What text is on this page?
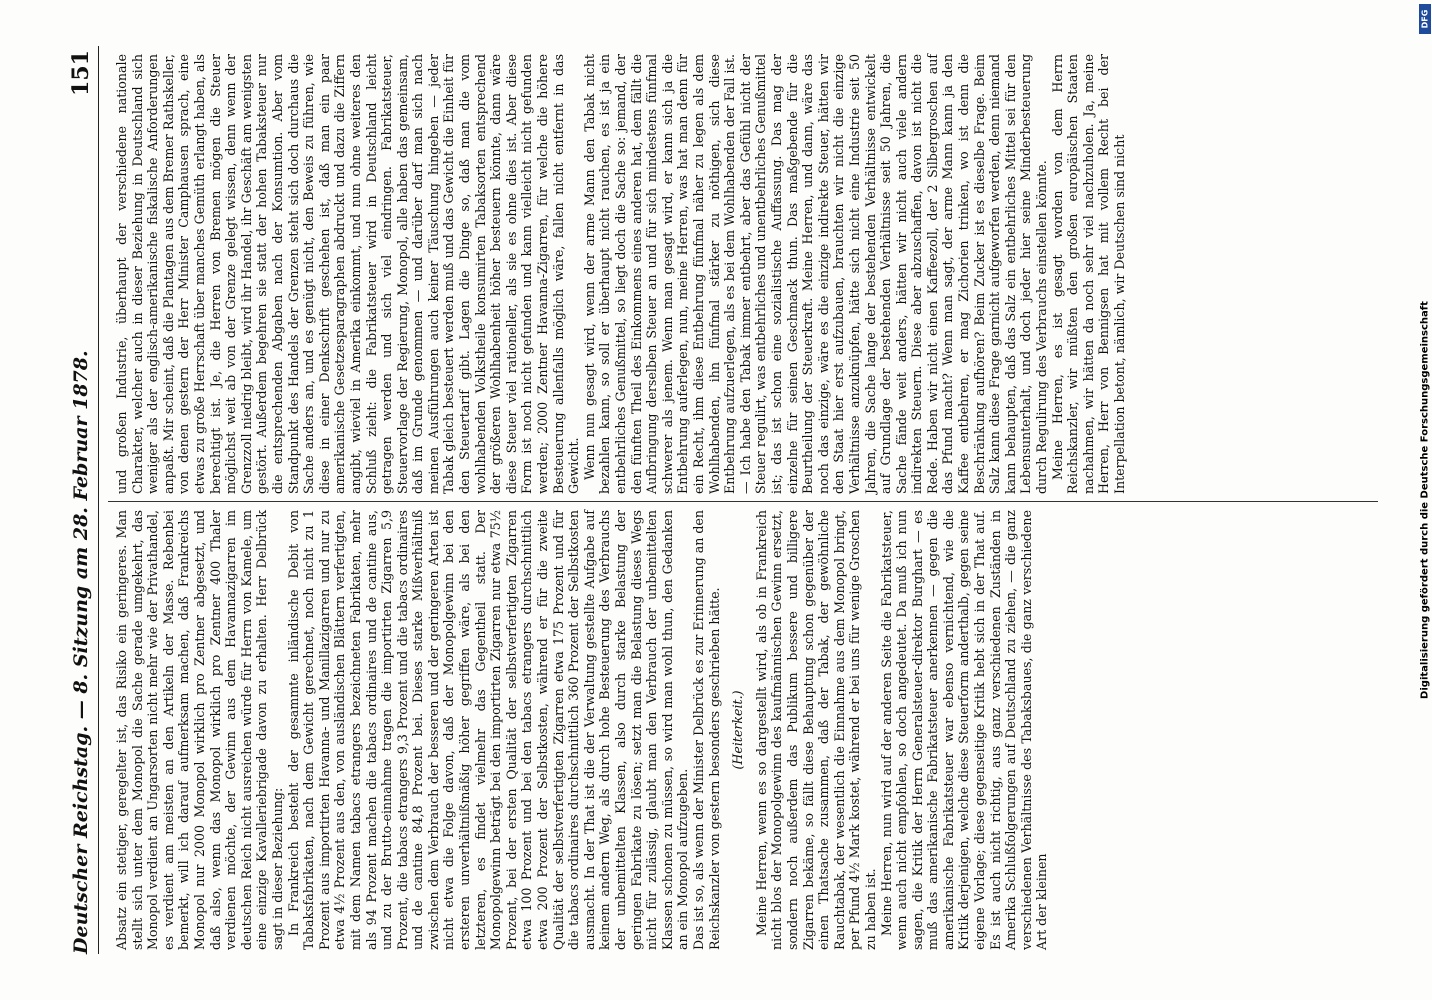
Deutscher Reichstag. — 8. Sitzung am 28. Februar 1878.
151

Absatz ein stetiger, geregelter ist, das Risiko ein geringeres. Man stellt sich unter dem Monopol die Sache gerade umgekehrt, das Monopol verdient an Ungarsorten nicht mehr wie der Privathandel, es verdient am meisten an den Artikeln der Masse. Rebenbei bemerkt, will ich darauf aufmerksam machen, daß Frankreichs Monopol nur 2000 Monopol wirklich pro Zentner abgesetzt, und daß also, wenn das Monopol wirklich pro Zentner 400 Thaler verdienen möchte, der Gewinn aus dem Havannazigarren im deutschen Reich nicht ausreichen würde für Herrn von Kamele, um eine einzige Kavalleriebrigade davon zu erhalten. Herr Delbrück sagt in dieser Beziehung: In Frankreich besteht der gesammte inländische Debit von Tabaksfabrikaten, nach dem Gewicht gerechnet, noch nicht zu 1 Prozent aus importirten Havanna- und Manillazigarren und nur zu etwa 4½ Prozent aus den, von ausländischen Blättern verfertigten, mit dem Namen tabacs etrangers bezeichneten Fabrikaten, mehr als 94 Prozent machen die tabacs ordinaires und de cantine aus, und zu der Brutto-einnahme tragen die importirten Zigarren 5,9 Prozent, die tabacs etrangers 9,3 Prozent und die tabacs ordinaires und de cantine 84,8 Prozent bei. Dieses starke Mißverhältniß zwischen dem Verbrauch der besseren und der geringeren Arten ist nicht etwa die Folge davon, daß der Monopolgewinn bei den ersteren unverhältnißmäßig höher gegriffen wäre, als bei den letzteren, es findet vielmehr das Gegentheil statt. Der Monopolgewinn beträgt bei den importirten Zigarren nur etwa 75½ Prozent, bei der ersten Qualität der selbstverfertigten Zigarren etwa 100 Prozent und bei den tabacs etrangers durchschnittlich etwa 200 Prozent der Selbstkosten, während er für die zweite Qualität der selbstverfertigten Zigarren etwa 175 Prozent und für die tabacs ordinaires durchschnittlich 360 Prozent der Selbstkosten ausmacht. In der That ist die der Verwaltung gestellte Aufgabe auf keinem andern Weg, als durch hohe Besteuerung des Verbrauchs der unbemittelten Klassen, also durch starke Belastung der geringen Fabrikate zu lösen; setzt man die Belastung dieses Wegs nicht für zulässig, glaubt man den Verbrauch der unbemittelten Klassen schonen zu müssen, so wird man wohl thun, den Gedanken an ein Monopol aufzugeben. Das ist so, als wenn der Minister Delbrück es zur Erinnerung an den Reichskanzler von gestern besonders geschrieben hätte. (Heiterkeit.) Meine Herren, wenn es so dargestellt wird, als ob in Frankreich nicht blos der Monopolgewinn des kaufmännischen Gewinn ersetzt, sondern noch außerdem das Publikum bessere und billigere Zigarren bekäme, so fällt diese Behauptung schon gegenüber der einen Thatsache zusammen, daß der Tabak, der gewöhnliche Rauchtabak, der wesentlich die Einnahme aus dem Monopol bringt, per Pfund 4½ Mark kostet, während er bei uns für wenige Groschen zu haben ist. Meine Herren, nun wird auf der anderen Seite die Fabrikatsteuer, wenn auch nicht empfohlen, so doch angedeutet. Da muß ich nun sagen, die Kritik der Herrn Generalsteuer-direktor Burghart — es muß das amerikanische Fabrikatsteuer anerkennen — gegen die amerikanische Fabrikatsteuer war ebenso vernichtend, wie die Kritik derjenigen, welche diese Steuerform anderthalb, gegen seine eigene Vorlage; diese gegenseitige Kritik hebt sich in der That auf. Es ist auch nicht richtig, aus ganz verschiedenen Zuständen in Amerika Schlußfolgerungen auf Deutschland zu ziehen, — die ganz verschiedenen Verhältnisse des Tabaksbaues, die ganz verschiedene Art der kleinen

und großen Industrie, überhaupt der verschiedene nationale Charakter, welcher auch in dieser Beziehung in Deutschland sich weniger als der englisch-amerikanische fiskalische Anforderungen anpaßt. Mir scheint, daß die Plantagen aus dem Bremer Rathskeller, von denen gestern der Herr Minister Camphausen sprach, eine etwas zu große Herrschaft über manches Gemüth erlangt haben, als berechtigt ist. Je, die Herren von Bremen mögen die Steuer möglichst weit ab von der Grenze gelegt wissen, denn wenn der Grenzzoll niedrig bleibt, wird ihr Handel, ihr Geschäft am wenigsten gestört. Außerdem begehren sie statt der hohen Tabaksteuer nur die entsprechenden Abgaben nach der Konsumtion. Aber vom Standpunkt des Handels der Grenzen steht sich doch durchaus die Sache anders an, und es genügt nicht, den Beweis zu führen, wie diese in einer Denkschrift geschehen ist, daß man ein paar amerikanische Gesetzesparagraphen abdruckt und dazu die Ziffern angibt, wieviel in Amerika einkommt, und nun ohne weiteres den Schluß zieht: die Fabrikatsteuer wird in Deutschland leicht getragen werden und sich viel eindringen. Fabrikatsteuer, Steuervorlage der Regierung, Monopol, alle haben das gemeinsam, daß im Grunde genommen — und darüber darf man sich nach meinen Ausführungen auch keiner Täuschung hingeben — jeder Tabak gleich besteuert werden muß und das Gewicht die Einheit für den Steuertarif gibt. Lagen die Dinge so, daß man die vom wohlhabenden Volkstheile konsumirten Tabaksorten entsprechend der größeren Wohlhabenheit höher besteuern könnte, dann wäre diese Steuer viel rationeller, als sie es ohne dies ist. Aber diese Form ist noch nicht gefunden und kann vielleicht nicht gefunden werden; 2000 Zentner Havanna-Zigarren, für welche die höhere Besteuerung allenfalls möglich wäre, fallen nicht entfernt in das Gewicht. Wenn nun gesagt wird, wenn der arme Mann den Tabak nicht bezahlen kann, so soll er überhaupt nicht rauchen, es ist ja ein entbehrliches Genußmittel, so liegt doch die Sache so: jemand, der den fünften Theil des Einkommens eines anderen hat, dem fällt die Aufbringung derselben Steuer an und für sich mindestens fünfmal schwerer als jenem. Wenn man gesagt wird, er kann sich ja die Entbehrung auferlegen, nun, meine Herren, was hat man denn für ein Recht, ihm diese Entbehrung fünfmal näher zu legen als dem Wohlhabenden, ihn fünfmal stärker zu nöthigen, sich diese Entbehrung aufzuerlegen, als es bei dem Wohlhabenden der Fall ist. — Ich habe den Tabak immer entbehrt, aber das Gefühl nicht der Steuer regulirt, was entbehrliches und unentbehrliches Genußmittel ist; das ist schon eine sozialistische Auffassung. Das mag der einzelne für seinen Geschmack thun. Das maßgebende für die Beurtheilung der Steuerkraft. Meine Herren, und dann, wäre das noch das einzige, wäre es die einzige indirekte Steuer, hätten wir den Staat hier erst aufzubauen, brauchten wir nicht die einzige Verhältnisse anzuknüpfen, hätte sich nicht eine Industrie seit 50 Jahren, die Sache lange der bestehenden Verhältnisse entwickelt auf Grundlage der bestehenden Verhältnisse seit 50 Jahren, die Sache fände weit anders, hätten wir nicht auch viele andern indirekten Steuern. Diese aber abzuschaffen, davon ist nicht die Rede. Haben wir nicht einen Kaffeezoll, der 2 Silbergroschen auf das Pfund macht? Wenn man sagt, der arme Mann kann ja den Kaffee entbehren, er mag Zichorien trinken, wo ist denn die Beschränkung aufhören? Beim Zucker ist es dieselbe Frage. Beim Salz kann diese Frage garnicht aufgeworfen werden, denn niemand kann behaupten, daß das Salz ein entbehrliches Mittel sei für den Lebensunterhalt, und doch jeder hier seine Minderbesteuerung durch Regulirung des Verbrauchs einstellen könnte. Meine Herren, es ist gesagt worden von dem Herrn Reichskanzler, wir müßten den großen europäischen Staaten nachahmen, wir hätten da noch sehr viel nachzuholen. Ja, meine Herren, Herr von Bennigsen hat mit vollem Recht bei der Interpellation betont, nämlich, wir Deutschen sind nicht

DFG
Digitalisierung gefördert durch die Deutsche Forschungsgemeinschaft
